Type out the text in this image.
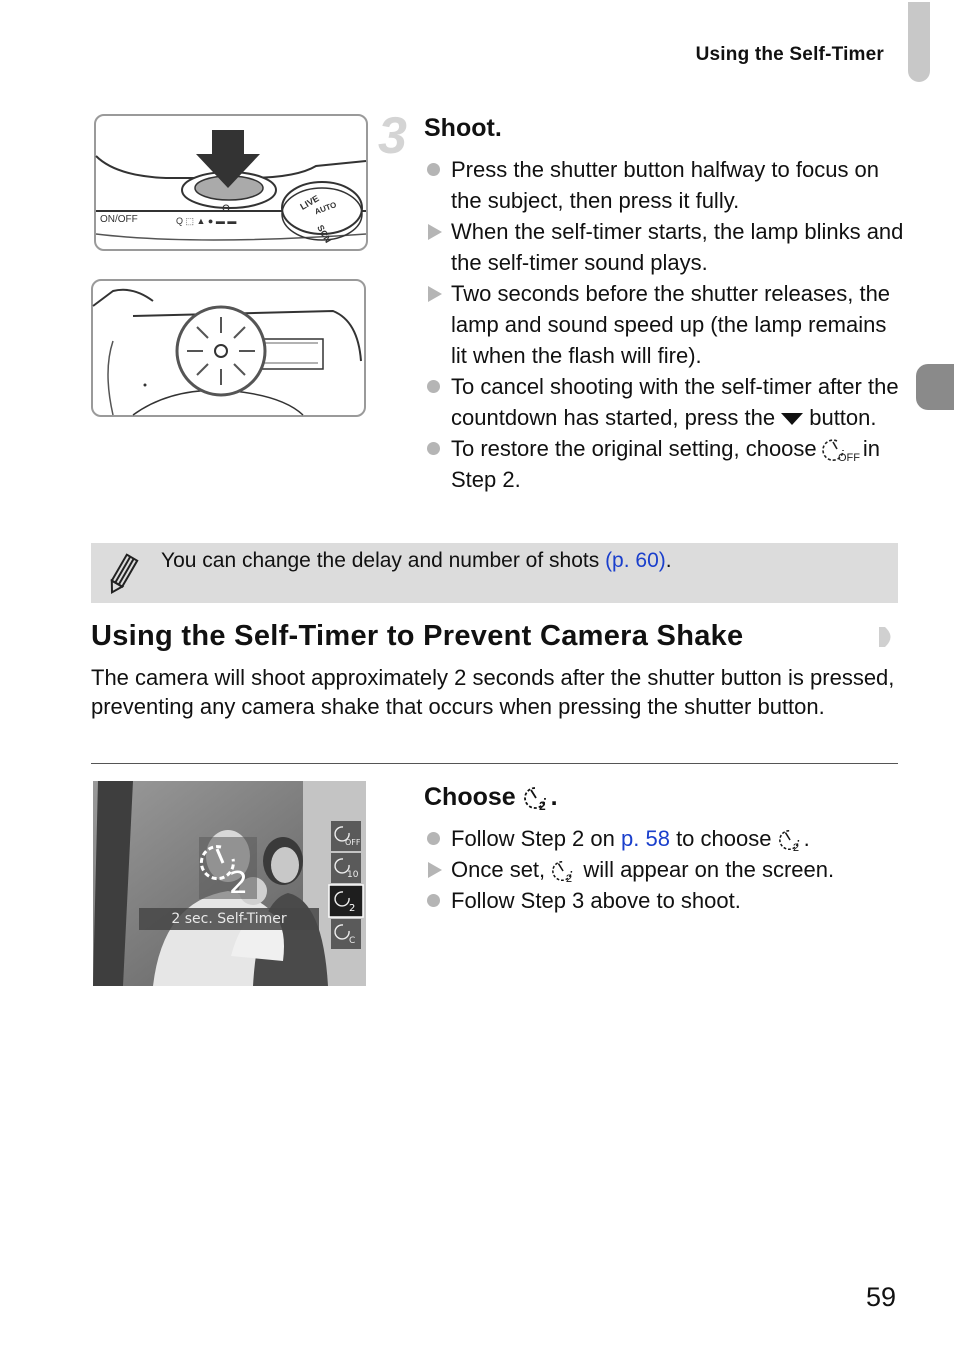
Using the Self-Timer
LIVE
AUTO
SCN
ON/OFF	Q ⬚ ▲ ● ▬ ▬
3 Shoot.
Press the shutter button halfway to focus on the subject, then press it fully.
When the self-timer starts, the lamp blinks and the self-timer sound plays.
Two seconds before the shutter releases, the lamp and sound speed up (the lamp remains lit when the flash will fire).
To cancel shooting with the self-timer after the countdown has started, press the button.
To restore the original setting, choose OFF in Step 2.
You can change the delay and number of shots (p. 60).
Using the Self-Timer to Prevent Camera Shake
The camera will shoot approximately 2 seconds after the shutter button is pressed, preventing any camera shake that occurs when pressing the shutter button.
2
OFF
10
2
C
2 sec. Self-Timer
Choose 2 .
Follow Step 2 on p. 58 to choose 2 .
Once set, 2 will appear on the screen.
Follow Step 3 above to shoot.
59
